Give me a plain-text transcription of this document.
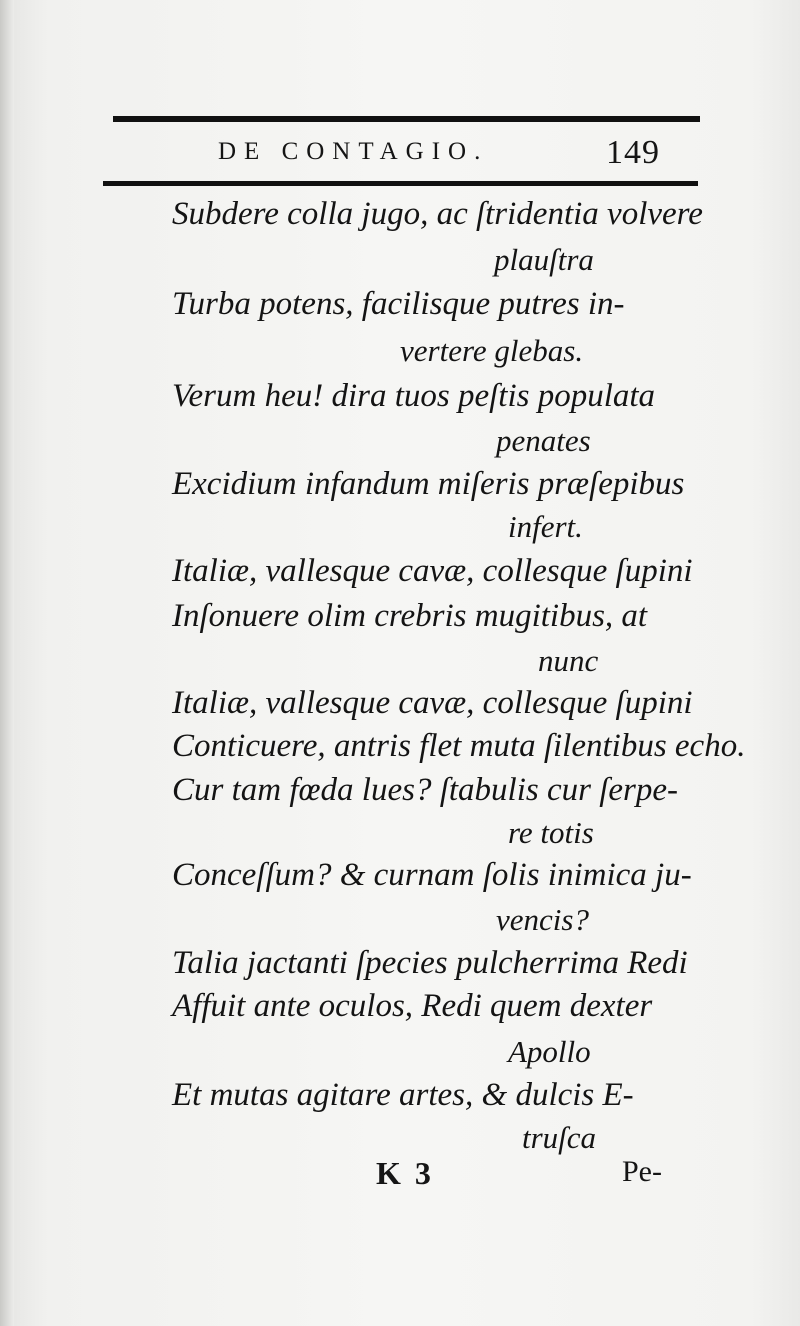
DE CONTAGIO.	149
Subdere colla jugo, ac ſtridentia volvere
plauſtra
Turba potens, facilisque putres in-
vertere glebas.
Verum heu! dira tuos peſtis populata
penates
Excidium infandum miſeris præſepibus
infert.
Italiæ, vallesque cavæ, collesque ſupini
Inſonuere olim crebris mugitibus, at
nunc
Italiæ, vallesque cavæ, collesque ſupini
Conticuere, antris flet muta ſilentibus echo.
Cur tam fœda lues? ſtabulis cur ſerpe-
re totis
Conceſſum? & curnam ſolis inimica ju-
vencis?
Talia jactanti ſpecies pulcherrima Redi
Affuit ante oculos, Redi quem dexter
Apollo
Et mutas agitare artes, & dulcis E-
truſca
K 3	Pe-
